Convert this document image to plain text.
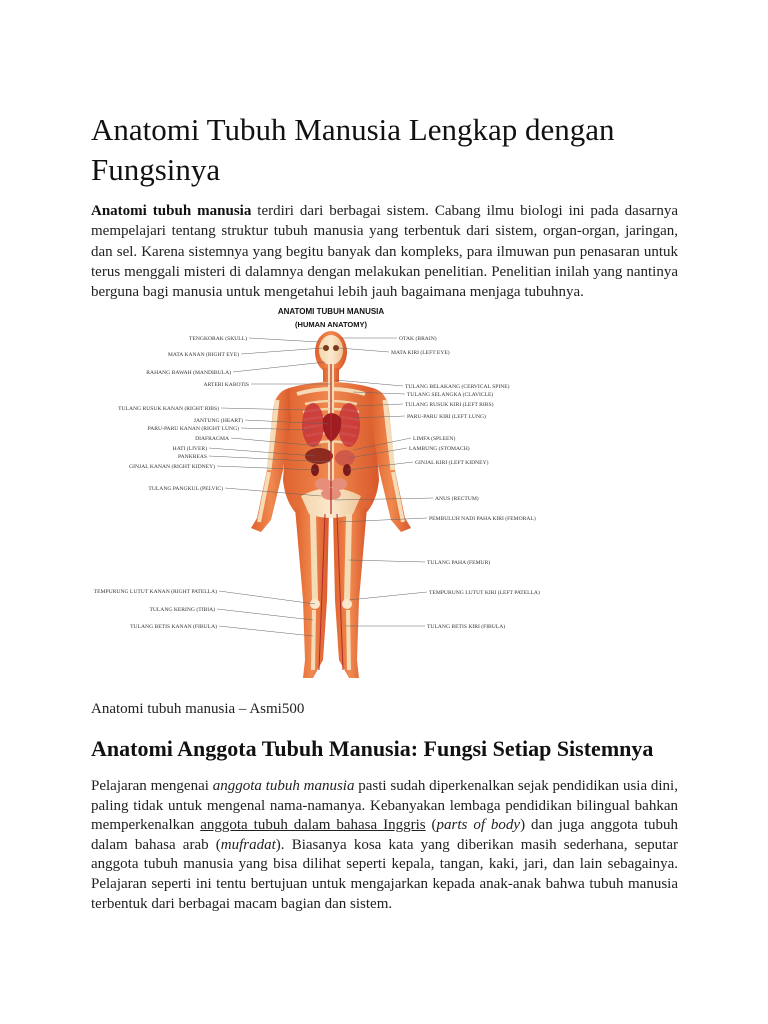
Anatomi Tubuh Manusia Lengkap dengan Fungsinya

Anatomi tubuh manusia terdiri dari berbagai sistem. Cabang ilmu biologi ini pada dasarnya mempelajari tentang struktur tubuh manusia yang terbentuk dari sistem, organ-organ, jaringan, dan sel. Karena sistemnya yang begitu banyak dan kompleks, para ilmuwan pun penasaran untuk terus menggali misteri di dalamnya dengan melakukan penelitian. Penelitian inilah yang nantinya berguna bagi manusia untuk mengetahui lebih jauh bagaimana menjaga tubuhnya.

ANATOMI TUBUH MANUSIA
(HUMAN ANATOMY)
TENGKORAK (SKULL)
MATA KANAN (RIGHT EYE)
RAHANG BAWAH (MANDIBULA)
ARTERI KAROTIS
TULANG RUSUK KANAN (RIGHT RIBS)
JANTUNG (HEART)
PARU-PARU KANAN (RIGHT LUNG)
DIAFRAGMA
HATI (LIVER)
PANKREAS
GINJAL KANAN (RIGHT KIDNEY)
TULANG PANGKUL (PELVIC)
TEMPURUNG LUTUT KANAN (RIGHT PATELLA)
TULANG KERING (TIBIA)
TULANG BETIS KANAN (FIBULA)
OTAK (BRAIN)
MATA KIRI (LEFT EYE)
TULANG BELAKANG (CERVICAL SPINE)
TULANG SELANGKA (CLAVICLE)
TULANG RUSUK KIRI (LEFT RIBS)
PARU-PARU KIRI (LEFT LUNG)
LIMFA (SPLEEN)
LAMBUNG (STOMACH)
GINJAL KIRI (LEFT KIDNEY)
ANUS (RECTUM)
PEMBULUH NADI PAHA KIRI (FEMORAL)
TULANG PAHA (FEMUR)
TEMPURUNG LUTUT KIRI (LEFT PATELLA)
TULANG BETIS KIRI (FIBULA)

Anatomi tubuh manusia – Asmi500

Anatomi Anggota Tubuh Manusia: Fungsi Setiap Sistemnya

Pelajaran mengenai anggota tubuh manusia pasti sudah diperkenalkan sejak pendidikan usia dini, paling tidak untuk mengenal nama-namanya. Kebanyakan lembaga pendidikan bilingual bahkan memperkenalkan anggota tubuh dalam bahasa Inggris (parts of body) dan juga anggota tubuh dalam bahasa arab (mufradat). Biasanya kosa kata yang diberikan masih sederhana, seputar anggota tubuh manusia yang bisa dilihat seperti kepala, tangan, kaki, jari, dan lain sebagainya. Pelajaran seperti ini tentu bertujuan untuk mengajarkan kepada anak-anak bahwa tubuh manusia terbentuk dari berbagai macam bagian dan sistem.
